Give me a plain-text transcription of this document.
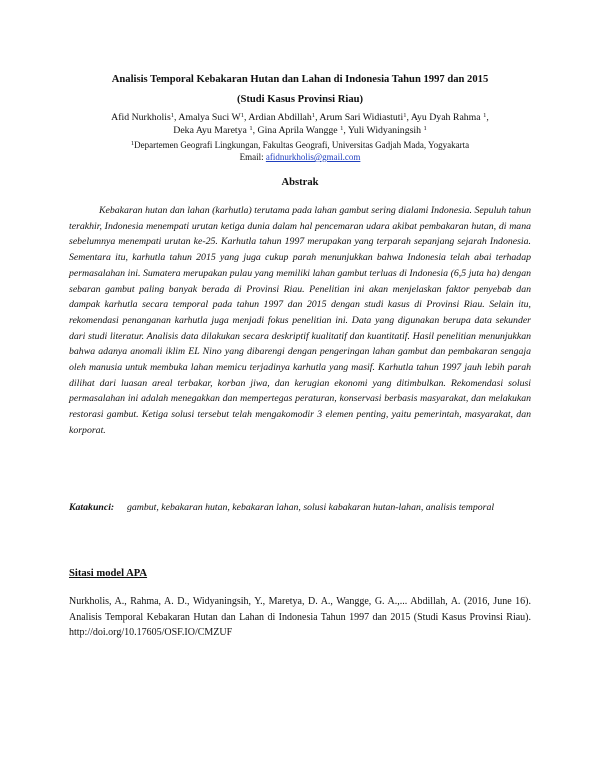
Analisis Temporal Kebakaran Hutan dan Lahan di Indonesia Tahun 1997 dan 2015
(Studi Kasus Provinsi Riau)
Afid Nurkholis$^1$, Amalya Suci $W^1$, Ardian Abdillah$^1$, Arum Sari Widiastuti$^1$, Ayu Dyah Rahma $^1$,
Deka Ayu Maretya $^1$, Gina Aprila Wangge $^1$, Yuli Widyaningsih $^1$
$^1$Departemen Geografi Lingkungan, Fakultas Geografi, Universitas Gadjah Mada, Yogyakarta
Email: afidnurkholis@gmail.com
Abstrak

Kebakaran hutan dan lahan (karhutla) terutama pada lahan gambut sering dialami Indonesia. Sepuluh tahun terakhir, Indonesia menempati urutan ketiga dunia dalam hal pencemaran udara akibat pembakaran hutan, di mana sebelumnya menempati urutan ke-25. Karhutla tahun 1997 merupakan yang terparah sepanjang sejarah Indonesia. Sementara itu, karhutla tahun 2015 yang juga cukup parah menunjukkan bahwa Indonesia telah abai terhadap permasalahan ini. Sumatera merupakan pulau yang memiliki lahan gambut terluas di Indonesia (6,5 juta ha) dengan sebaran gambut paling banyak berada di Provinsi Riau. Penelitian ini akan menjelaskan faktor penyebab dan dampak karhutla secara temporal pada tahun 1997 dan 2015 dengan studi kasus di Provinsi Riau. Selain itu, rekomendasi penanganan karhutla juga menjadi fokus penelitian ini. Data yang digunakan berupa data sekunder dari studi literatur. Analisis data dilakukan secara deskriptif kualitatif dan kuantitatif. Hasil penelitian menunjukkan bahwa adanya anomali iklim EL Nino yang dibarengi dengan pengeringan lahan gambut dan pembakaran sengaja oleh manusia untuk membuka lahan memicu terjadinya karhutla yang masif. Karhutla tahun 1997 jauh lebih parah dilihat dari luasan areal terbakar, korban jiwa, dan kerugian ekonomi yang ditimbulkan. Rekomendasi solusi permasalahan ini adalah menegakkan dan mempertegas peraturan, konservasi berbasis masyarakat, dan melakukan restorasi gambut. Ketiga solusi tersebut telah mengakomodir 3 elemen penting, yaitu pemerintah, masyarakat, dan korporat.

Katakunci:	gambut, kebakaran hutan, kebakaran lahan, solusi kabakaran hutan-lahan, analisis temporal
Sitasi model APA

Nurkholis, A., Rahma, A. D., Widyaningsih, Y., Maretya, D. A., Wangge, G. A.,... Abdillah, A. (2016, June 16). Analisis Temporal Kebakaran Hutan dan Lahan di Indonesia Tahun 1997 dan 2015 (Studi Kasus Provinsi Riau). http://doi.org/10.17605/OSF.IO/CMZUF
